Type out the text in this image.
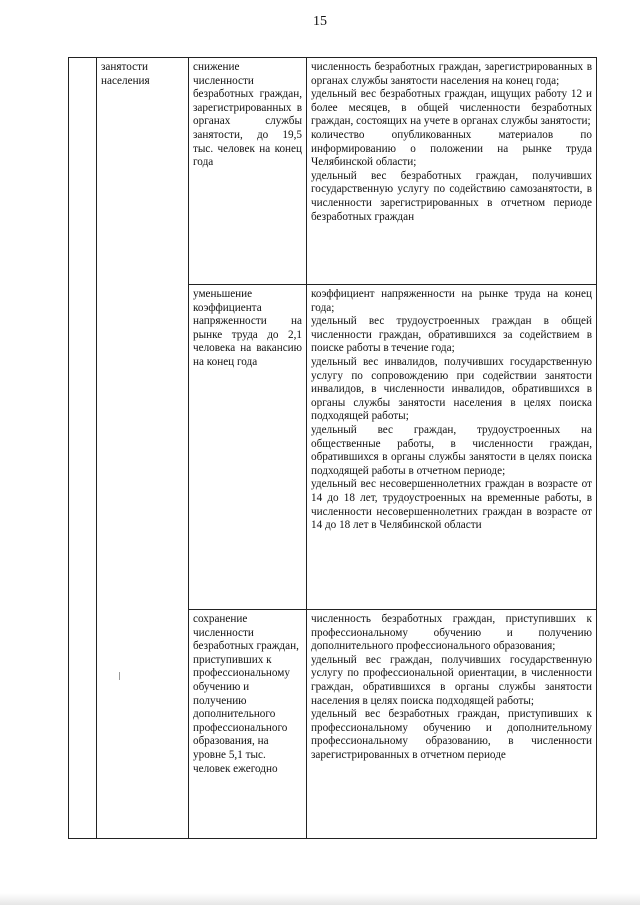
15
	занятости населения	снижение численности безработных граждан, зарегистрированных в органах службы занятости, до 19,5 тыс. человек на конец года	численность безработных граждан, зарегистрированных в органах службы занятости населения на конец года;
удельный вес безработных граждан, ищущих работу 12 и более месяцев, в общей численности безработных граждан, состоящих на учете в органах службы занятости;
количество опубликованных материалов по информированию о положении на рынке труда Челябинской области;
удельный вес безработных граждан, получивших государственную услугу по содействию самозанятости, в численности зарегистрированных в отчетном периоде безработных граждан

		уменьшение коэффициента напряженности на рынке труда до 2,1 человека на вакансию на конец года	коэффициент напряженности на рынке труда на конец года;
удельный вес трудоустроенных граждан в общей численности граждан, обратившихся за содействием в поиске работы в течение года;
удельный вес инвалидов, получивших государственную услугу по сопровождению при содействии занятости инвалидов, в численности инвалидов, обратившихся в органы службы занятости населения в целях поиска подходящей работы;
удельный вес граждан, трудоустроенных на общественные работы, в численности граждан, обратившихся в органы службы занятости в целях поиска подходящей работы в отчетном периоде;
удельный вес несовершеннолетних граждан в возрасте от 14 до 18 лет, трудоустроенных на временные работы, в численности несовершеннолетних граждан в возрасте от 14 до 18 лет в Челябинской области

		сохранение численности безработных граждан, приступивших к профессиональному обучению и получению дополнительного профессионального образования, на уровне 5,1 тыс. человек ежегодно	численность безработных граждан, приступивших к профессиональному обучению и получению дополнительного профессионального образования;
удельный вес граждан, получивших государственную услугу по профессиональной ориентации, в численности граждан, обратившихся в органы службы занятости населения в целях поиска подходящей работы;
удельный вес безработных граждан, приступивших к профессиональному обучению и дополнительному профессиональному образованию, в численности зарегистрированных в отчетном периоде
